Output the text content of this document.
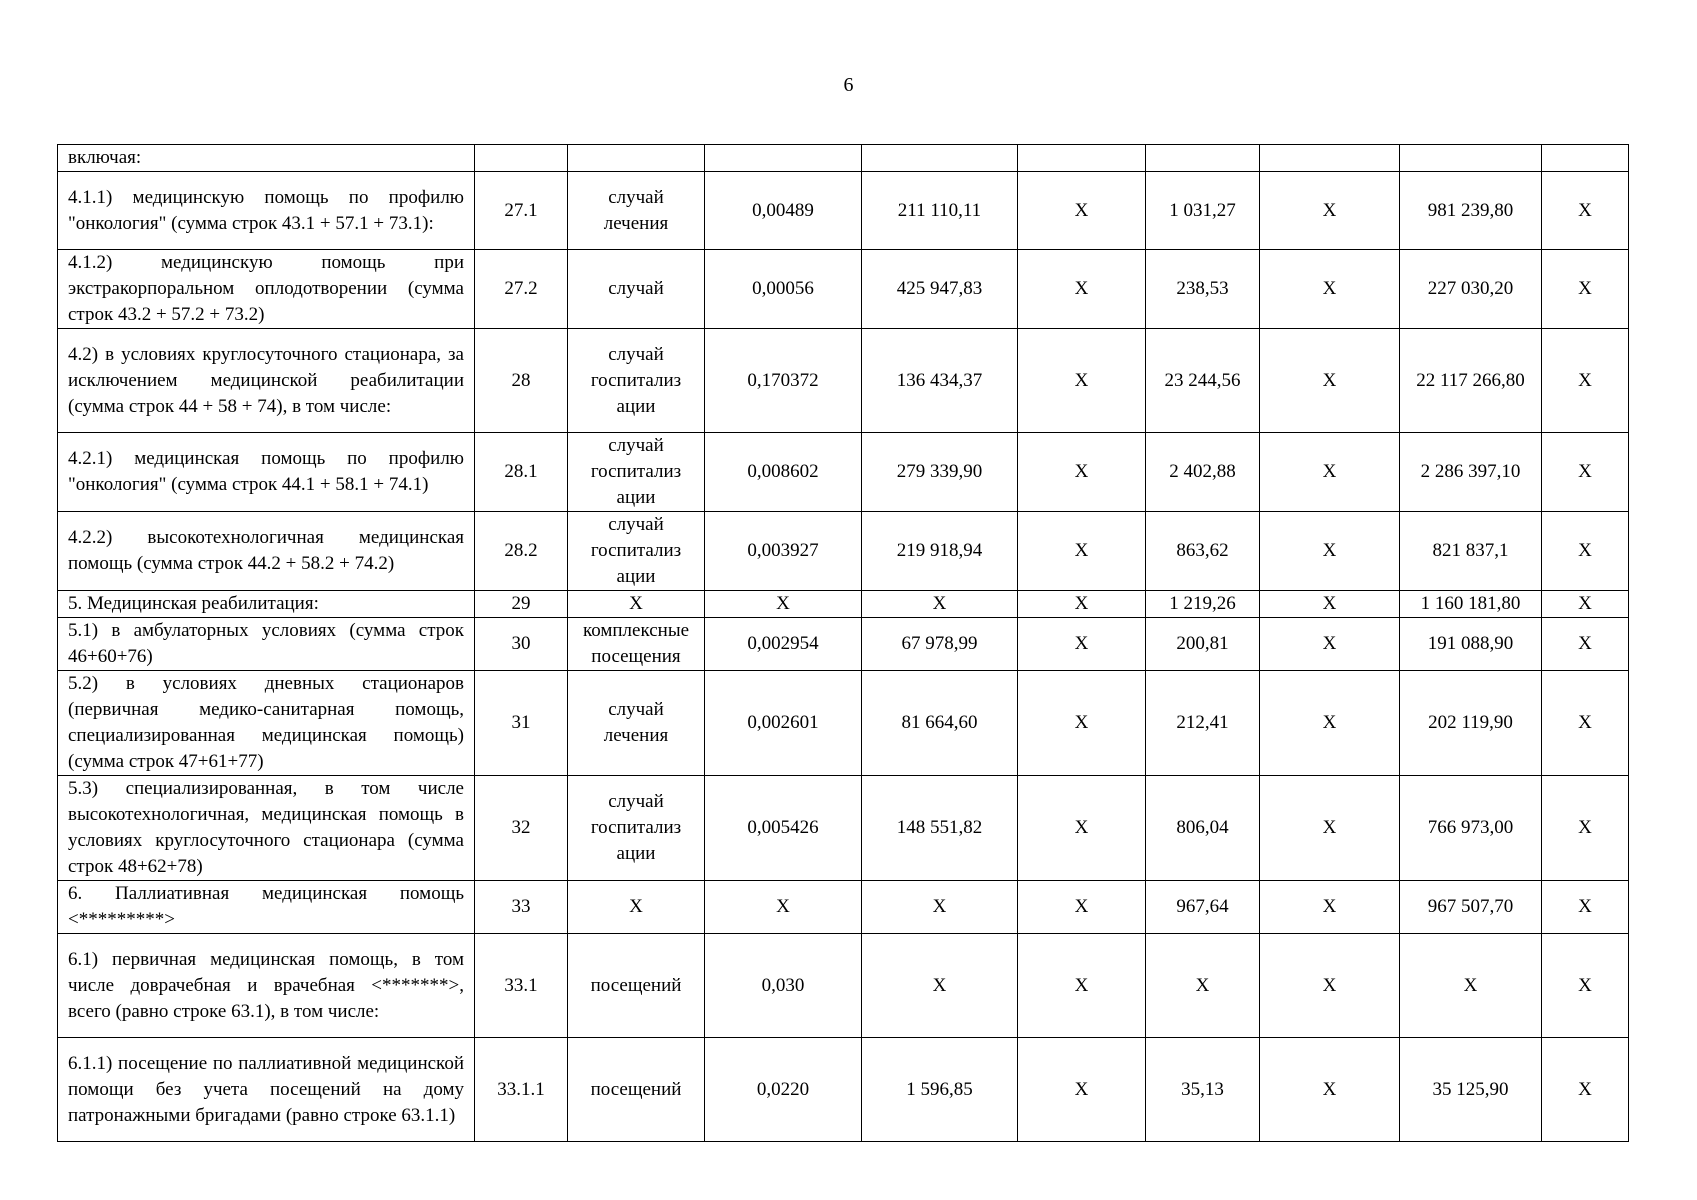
6
включая:									
4.1.1) медицинскую помощь по профилю "онкология" (сумма строк 43.1 + 57.1 + 73.1):	27.1	случай лечения	0,00489	211 110,11	X	1 031,27	X	981 239,80	X
4.1.2) медицинскую помощь при экстракорпоральном оплодотворении (сумма строк 43.2 + 57.2 + 73.2)	27.2	случай	0,00056	425 947,83	X	238,53	X	227 030,20	X
4.2) в условиях круглосуточного стационара, за исключением медицинской реабилитации (сумма строк 44 + 58 + 74), в том числе:	28	случай госпитализ ации	0,170372	136 434,37	X	23 244,56	X	22 117 266,80	X
4.2.1) медицинская помощь по профилю "онкология" (сумма строк 44.1 + 58.1 + 74.1)	28.1	случай госпитализ ации	0,008602	279 339,90	X	2 402,88	X	2 286 397,10	X
4.2.2) высокотехнологичная медицинская помощь (сумма строк 44.2 + 58.2 + 74.2)	28.2	случай госпитализ ации	0,003927	219 918,94	X	863,62	X	821 837,1	X
5. Медицинская реабилитация:	29	X	X	X	X	1 219,26	X	1 160 181,80	X
5.1) в амбулаторных условиях (сумма строк 46+60+76)	30	комплексные посещения	0,002954	67 978,99	X	200,81	X	191 088,90	X
5.2) в условиях дневных стационаров (первичная медико-санитарная помощь, специализированная медицинская помощь) (сумма строк 47+61+77)	31	случай лечения	0,002601	81 664,60	X	212,41	X	202 119,90	X
5.3) специализированная, в том числе высокотехнологичная, медицинская помощь в условиях круглосуточного стационара (сумма строк 48+62+78)	32	случай госпитализ ации	0,005426	148 551,82	X	806,04	X	766 973,00	X
6. Паллиативная медицинская помощь <*********>	33	X	X	X	X	967,64	X	967 507,70	X
6.1) первичная медицинская помощь, в том числе доврачебная и врачебная <*******>, всего (равно строке 63.1), в том числе:	33.1	посещений	0,030	X	X	X	X	X	X
6.1.1) посещение по паллиативной медицинской помощи без учета посещений на дому патронажными бригадами (равно строке 63.1.1)	33.1.1	посещений	0,0220	1 596,85	X	35,13	X	35 125,90	X
